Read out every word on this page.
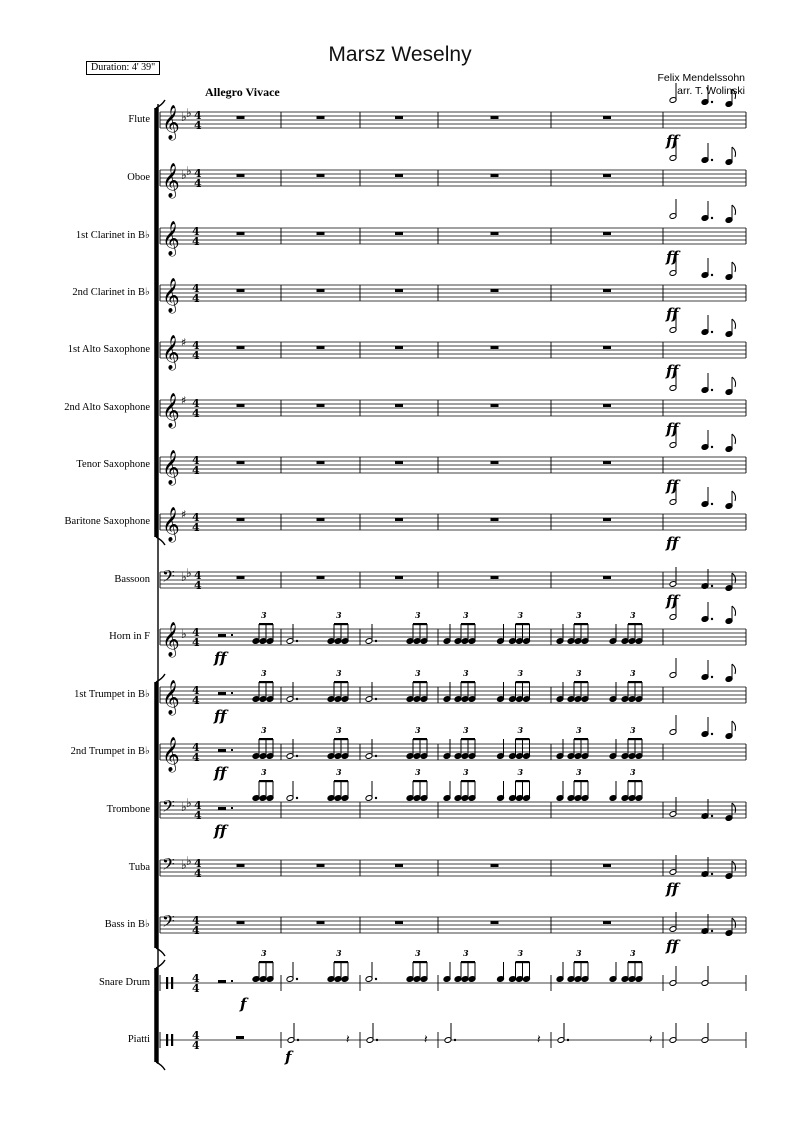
Marsz Weselny
Duration: 4' 39"
Felix Mendelssohn
arr. T. Wolinski
Allegro Vivace
Flute
Oboe
1st Clarinet in B♭
2nd Clarinet in B♭
1st Alto Saxophone
2nd Alto Saxophone
Tenor Saxophone
Baritone Saxophone
Bassoon
Horn in F
1st Trumpet in B♭
2nd Trumpet in B♭
Trombone
Tuba
Bass in B♭
Snare Drum
Piatti
𝄞 ♭ ♭ 4
4
ff
𝄞 ♭ ♭ 4
4
𝄞 4
4
ff
𝄞 4
4
ff
𝄞 ♯ 4
4
ff
𝄞 ♯ 4
4
ff
𝄞 4
4
ff
𝄞 ♯ 4
4
ff
𝄢 ♭ ♭ 4
4
ff
𝄞 ♭ 4
4
3	3	3	3	3	3	3
ff
𝄞 4
4
3	3	3	3	3	3	3
ff
𝄞 4
4
3	3	3	3	3	3	3
ff
𝄢 ♭ ♭ 4
4
3	3	3	3	3	3	3
ff
𝄢 ♭ ♭ 4
4
ff
𝄢 4
4
ff
4
4
3	3	3	3	3	3	3
f
4
4	𝄽	𝄽	𝄽	𝄽
f
